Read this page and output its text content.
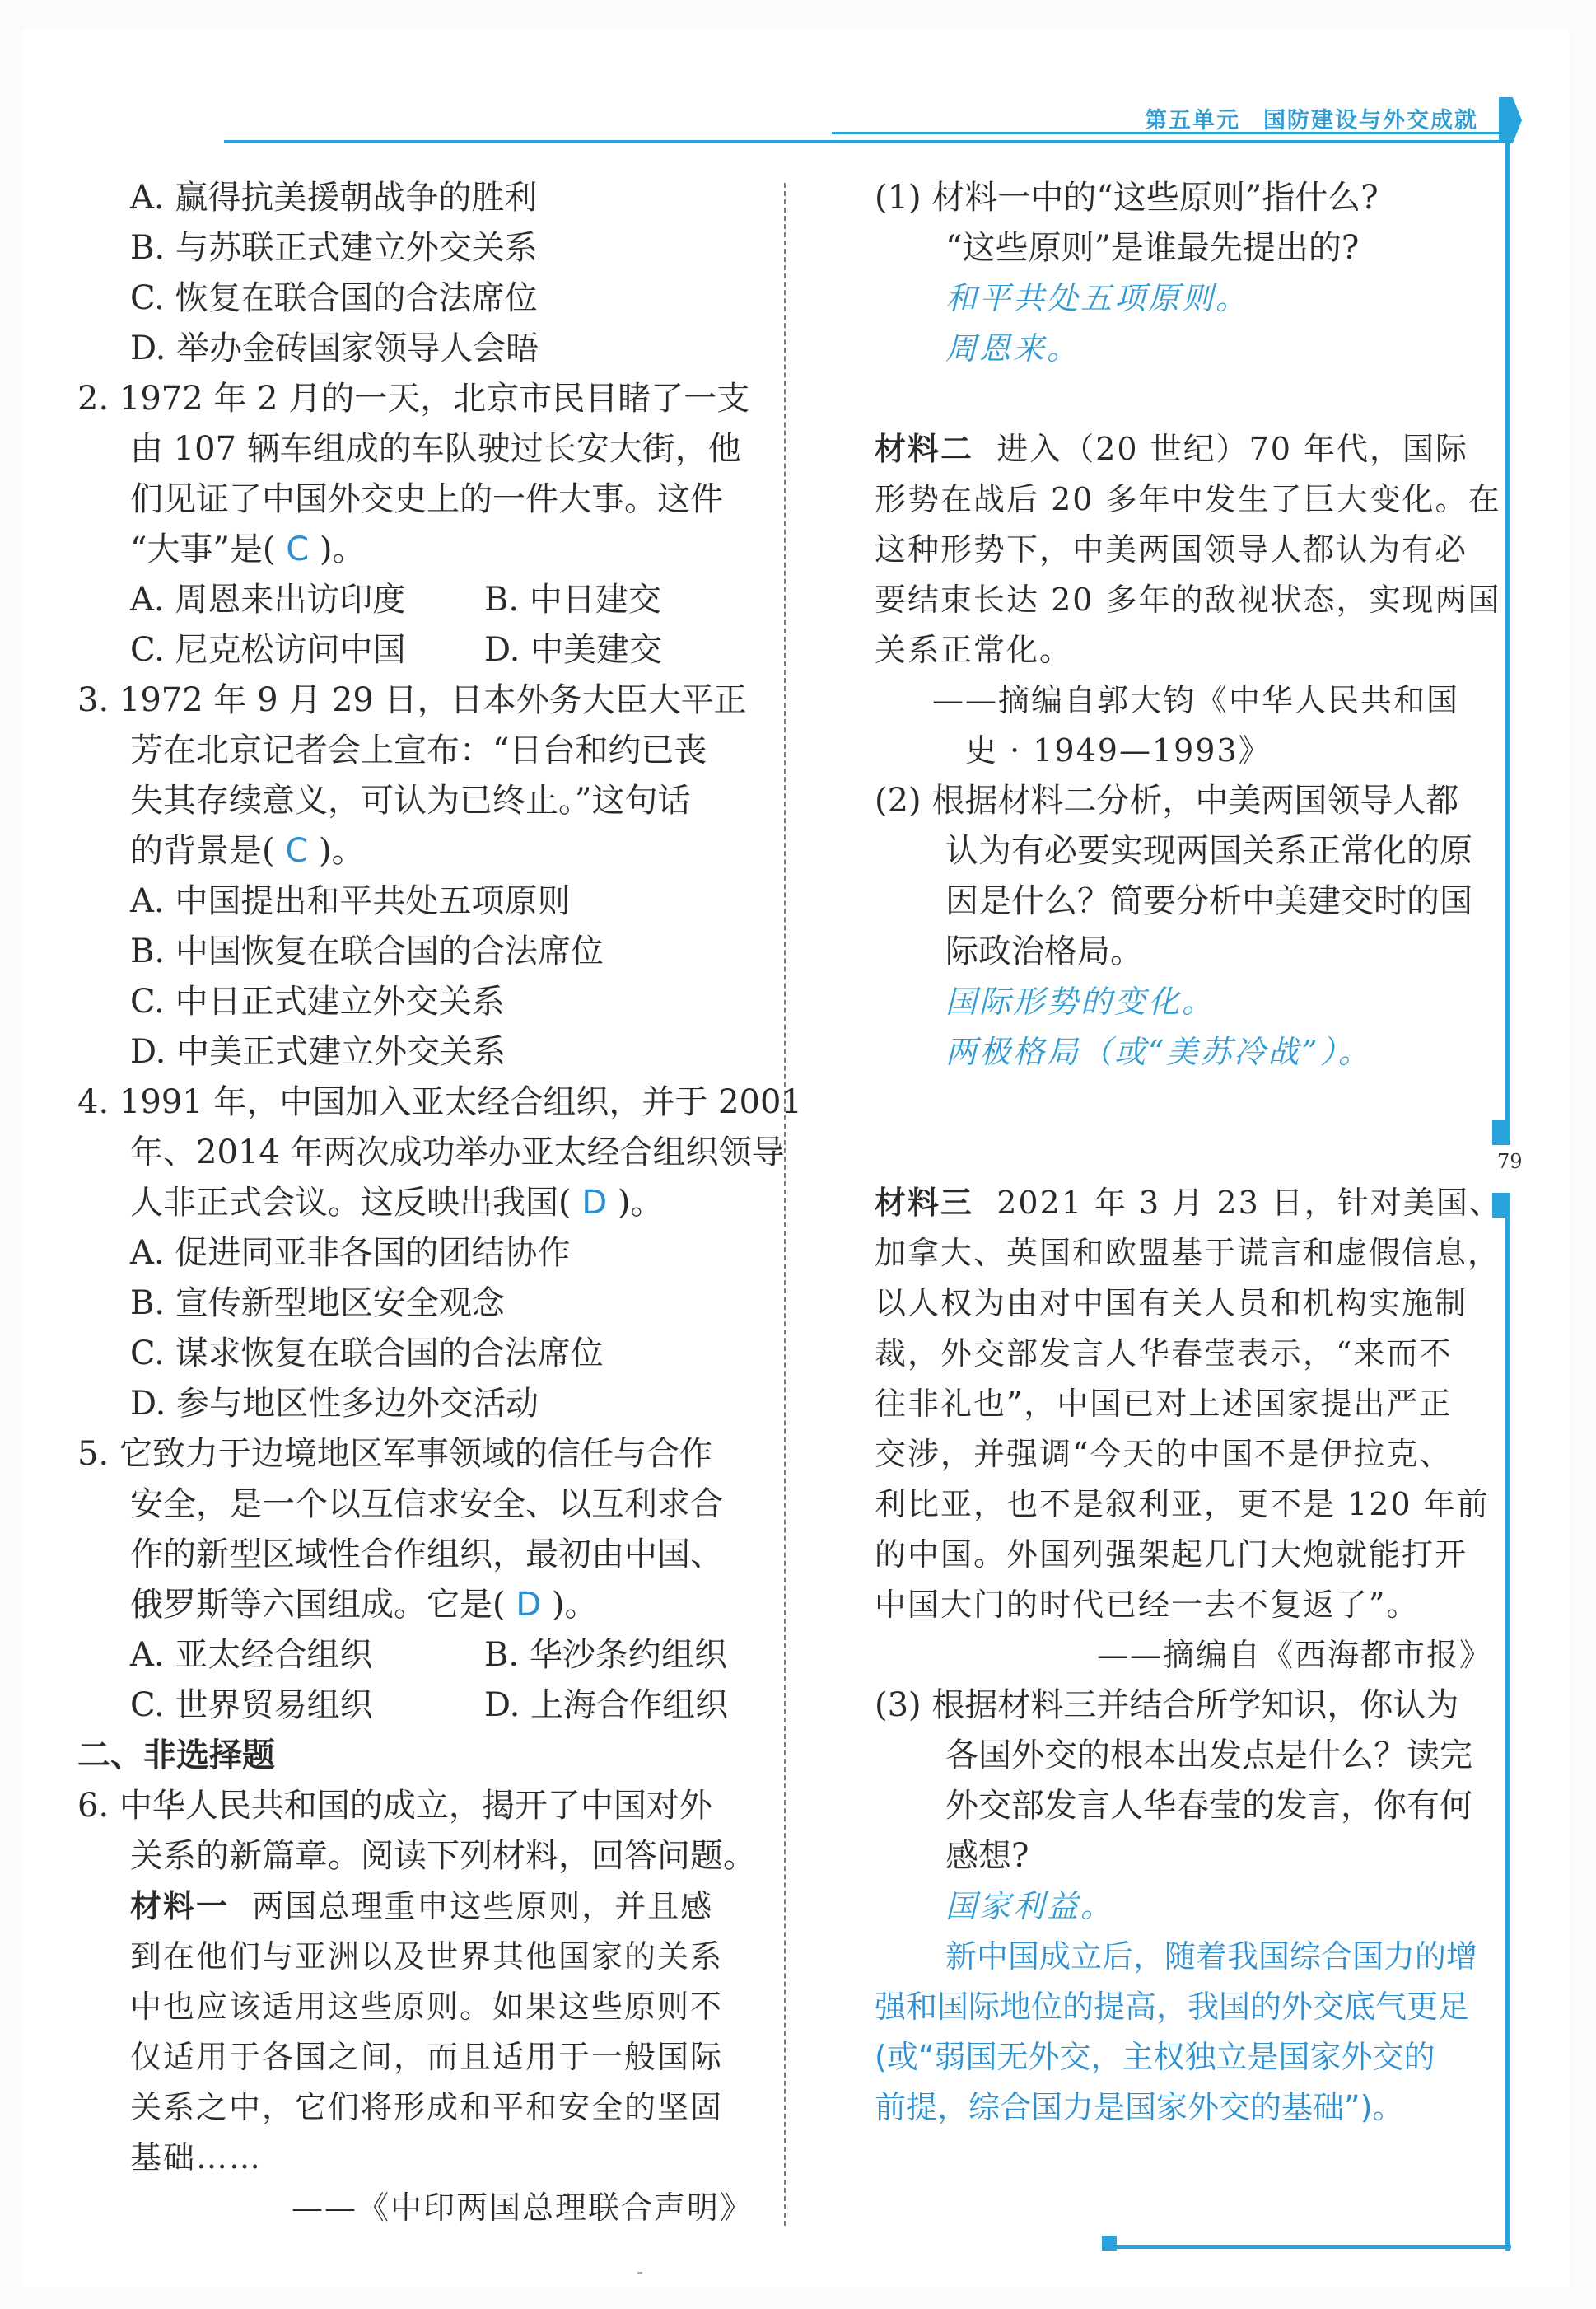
第五单元 国防建设与外交成就
79
A. 赢得抗美援朝战争的胜利
B. 与苏联正式建立外交关系
C. 恢复在联合国的合法席位
D. 举办金砖国家领导人会晤
2. 1972 年 2 月的一天，北京市民目睹了一支
由 107 辆车组成的车队驶过长安大街，他
们见证了中国外交史上的一件大事。这件
“大事”是( C )。
A. 周恩来出访印度	B. 中日建交
C. 尼克松访问中国	D. 中美建交
3. 1972 年 9 月 29 日，日本外务大臣大平正
芳在北京记者会上宣布：“日台和约已丧
失其存续意义，可认为已终止。”这句话
的背景是( C )。
A. 中国提出和平共处五项原则
B. 中国恢复在联合国的合法席位
C. 中日正式建立外交关系
D. 中美正式建立外交关系
4. 1991 年，中国加入亚太经合组织，并于 2001
年、2014 年两次成功举办亚太经合组织领导
人非正式会议。这反映出我国( D )。
A. 促进同亚非各国的团结协作
B. 宣传新型地区安全观念
C. 谋求恢复在联合国的合法席位
D. 参与地区性多边外交活动
5. 它致力于边境地区军事领域的信任与合作
安全，是一个以互信求安全、以互利求合
作的新型区域性合作组织，最初由中国、
俄罗斯等六国组成。它是( D )。
A. 亚太经合组织	B. 华沙条约组织
C. 世界贸易组织	D. 上海合作组织
二、非选择题
6. 中华人民共和国的成立，揭开了中国对外
关系的新篇章。阅读下列材料，回答问题。
材料一 两国总理重申这些原则，并且感
到在他们与亚洲以及世界其他国家的关系
中也应该适用这些原则。如果这些原则不
仅适用于各国之间，而且适用于一般国际
关系之中，它们将形成和平和安全的坚固
基础……
——《中印两国总理联合声明》
(1) 材料一中的“这些原则”指什么?
“这些原则”是谁最先提出的?
和平共处五项原则。
周恩来。
材料二 进入（20 世纪）70 年代，国际
形势在战后 20 多年中发生了巨大变化。在
这种形势下，中美两国领导人都认为有必
要结束长达 20 多年的敌视状态，实现两国
关系正常化。
——摘编自郭大钧《中华人民共和国
史 · 1949—1993》
(2) 根据材料二分析，中美两国领导人都
认为有必要实现两国关系正常化的原
因是什么？简要分析中美建交时的国
际政治格局。
国际形势的变化。
两极格局（或“美苏冷战”）。
材料三 2021 年 3 月 23 日，针对美国、
加拿大、英国和欧盟基于谎言和虚假信息，
以人权为由对中国有关人员和机构实施制
裁，外交部发言人华春莹表示，“来而不
往非礼也”，中国已对上述国家提出严正
交涉，并强调“今天的中国不是伊拉克、
利比亚，也不是叙利亚，更不是 120 年前
的中国。外国列强架起几门大炮就能打开
中国大门的时代已经一去不复返了”。
——摘编自《西海都市报》
(3) 根据材料三并结合所学知识，你认为
各国外交的根本出发点是什么？读完
外交部发言人华春莹的发言，你有何
感想?
国家利益。
新中国成立后，随着我国综合国力的增
强和国际地位的提高，我国的外交底气更足
(或“弱国无外交，主权独立是国家外交的
前提，综合国力是国家外交的基础”)。
